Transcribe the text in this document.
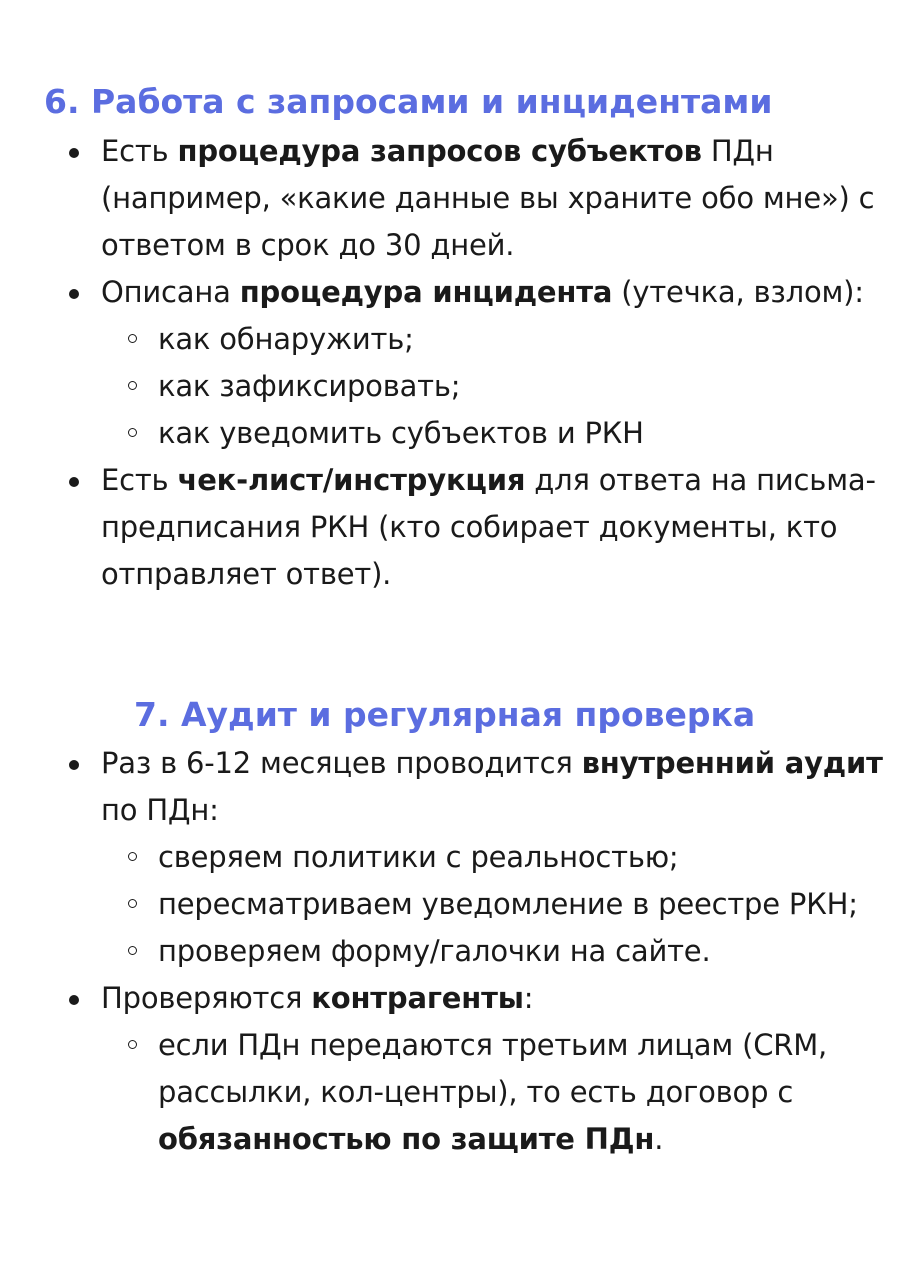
6. Работа с запросами и инцидентами
Есть процедура запросов субъектов ПДн (например, «какие данные вы храните обо мне») с ответом в срок до 30 дней.
Описана процедура инцидента (утечка, взлом):
как обнаружить;
как зафиксировать;
как уведомить субъектов и РКН
Есть чек-лист/инструкция для ответа на письма-предписания РКН (кто собирает документы, кто отправляет ответ).
7. Аудит и регулярная проверка
Раз в 6-12 месяцев проводится внутренний аудит по ПДн:
сверяем политики с реальностью;
пересматриваем уведомление в реестре РКН;
проверяем форму/галочки на сайте.
Проверяются контрагенты:
если ПДн передаются третьим лицам (CRM, рассылки, кол-центры), то есть договор с обязанностью по защите ПДн.
